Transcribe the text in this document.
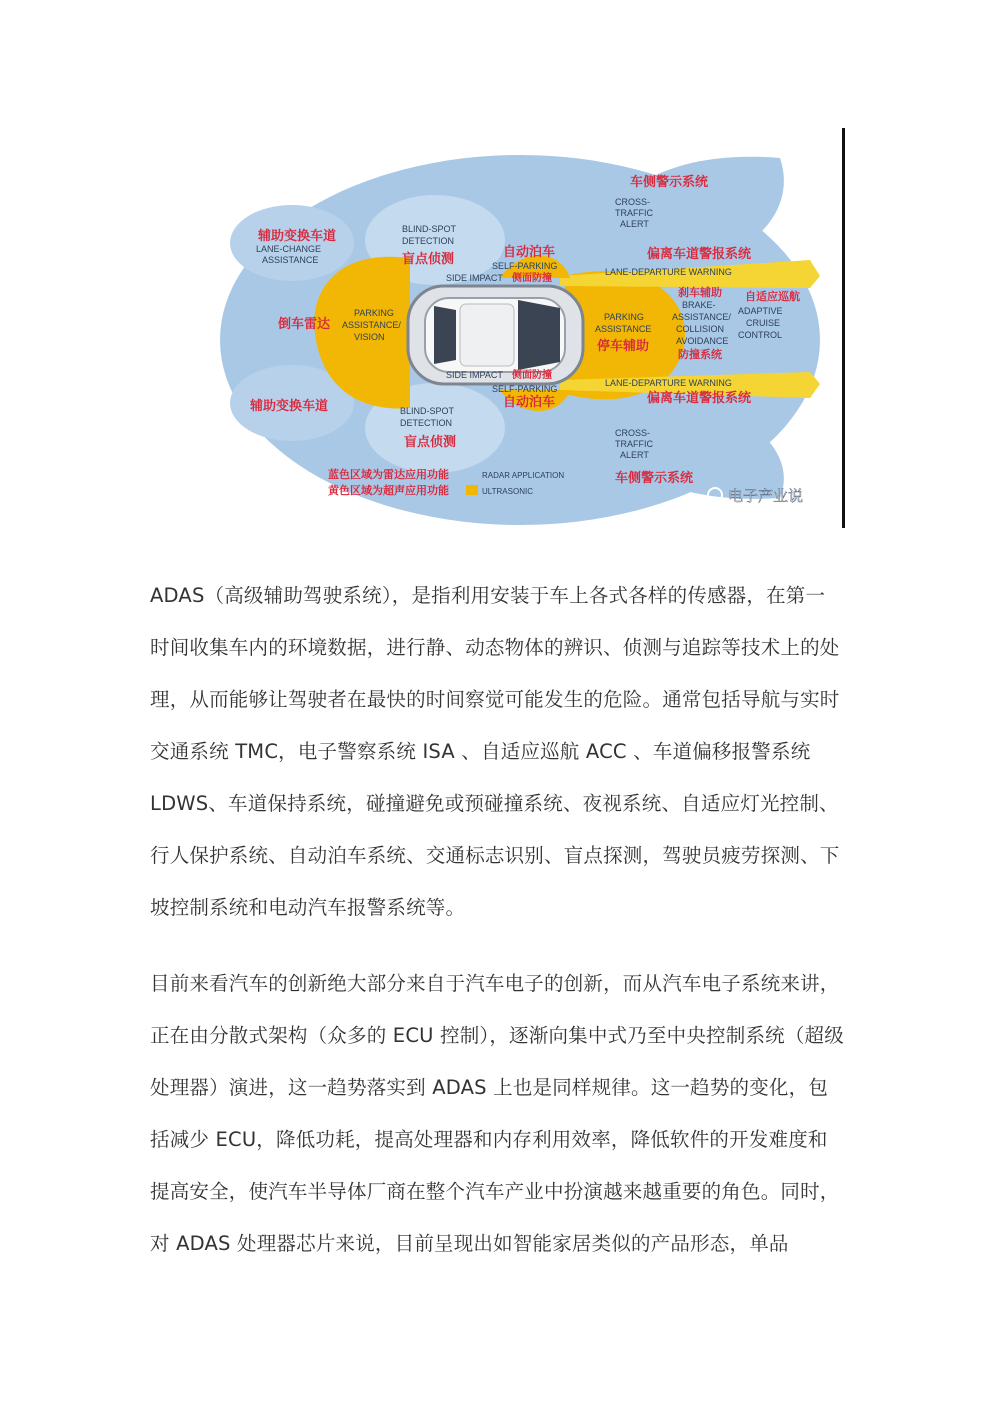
车侧警示系统
CROSS-
TRAFFIC
ALERT
辅助变换车道
LANE-CHANGE
ASSISTANCE
BLIND-SPOT
DETECTION
盲点侦测	自动泊车
SELF-PARKING
SIDE IMPACT 侧面防撞
偏离车道警报系统
LANE-DEPARTURE WARNING
倒车雷达
PARKING
ASSISTANCE/
VISION
PARKING
ASSISTANCE
停车辅助
刹车辅助
BRAKE-
ASSISTANCE/
COLLISION
AVOIDANCE
防撞系统
自适应巡航
ADAPTIVE
CRUISE
CONTROL
SIDE IMPACT 侧面防撞
SELF-PARKING
自动泊车
LANE-DEPARTURE WARNING
偏离车道警报系统
辅助变换车道	BLIND-SPOT
DETECTION
盲点侦测
CROSS-
TRAFFIC
ALERT
车侧警示系统
蓝色区域为雷达应用功能	RADAR APPLICATION
黄色区域为超声应用功能	ULTRASONIC	电子产业说

ADAS（高级辅助驾驶系统），是指利用安装于车上各式各样的传感器，在第一时间收集车内的环境数据，进行静、动态物体的辨识、侦测与追踪等技术上的处理，从而能够让驾驶者在最快的时间察觉可能发生的危险。通常包括导航与实时交通系统 TMC，电子警察系统 ISA 、自适应巡航 ACC 、车道偏移报警系统 LDWS、车道保持系统，碰撞避免或预碰撞系统、夜视系统、自适应灯光控制、行人保护系统、自动泊车系统、交通标志识别、盲点探测，驾驶员疲劳探测、下坡控制系统和电动汽车报警系统等。

目前来看汽车的创新绝大部分来自于汽车电子的创新，而从汽车电子系统来讲，正在由分散式架构（众多的 ECU 控制），逐渐向集中式乃至中央控制系统（超级处理器）演进，这一趋势落实到 ADAS 上也是同样规律。这一趋势的变化，包括减少 ECU，降低功耗，提高处理器和内存利用效率，降低软件的开发难度和提高安全，使汽车半导体厂商在整个汽车产业中扮演越来越重要的角色。同时，对 ADAS 处理器芯片来说，目前呈现出如智能家居类似的产品形态，单品
